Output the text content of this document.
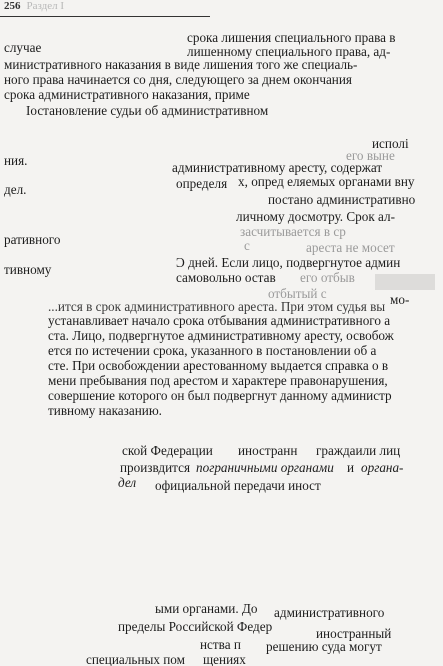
256 Раздел I
срока лишения специального права в
случае	лишенному специального права, ад-
министративного наказания в виде лишения того же специаль-
ного права начинается со дня, следующего за днем окончания
срока административного наказания, приме
Iостановление судьи об административном
исполі
ния.	административному аресту, содержат
его выне
определя х, опред еляемых органами вну
дел.
постано административно
личному досмотру. Срок ал-
ративного
засчитывается в ср
ареста не мосет
с
тивному	Ͻ дней. Если лицо, подвергнутое админ
самовольно остав его отбыв
отбытый с	мо-
...ится в срок административного ареста. При этом судья вы
устанавливает начало срока отбывания административного а
ста. Лицо, подвергнутое административному аресту, освобож
ется по истечении срока, указанного в постановлении об а
сте. При освобождении арестованному выдается справка о в
мени пребывания под арестом и характере правонарушения,
совершение которого он был подвергнут данному администр
тивному наказанию.
ской Федерации иностранн граждаили лиц
произвдится пограничными органами и органа-
дел официальной передачи иност
ыми органами. До административного
пределы Российской Федер	иностранный
нства п решению суда могут
специальных пом щениях
